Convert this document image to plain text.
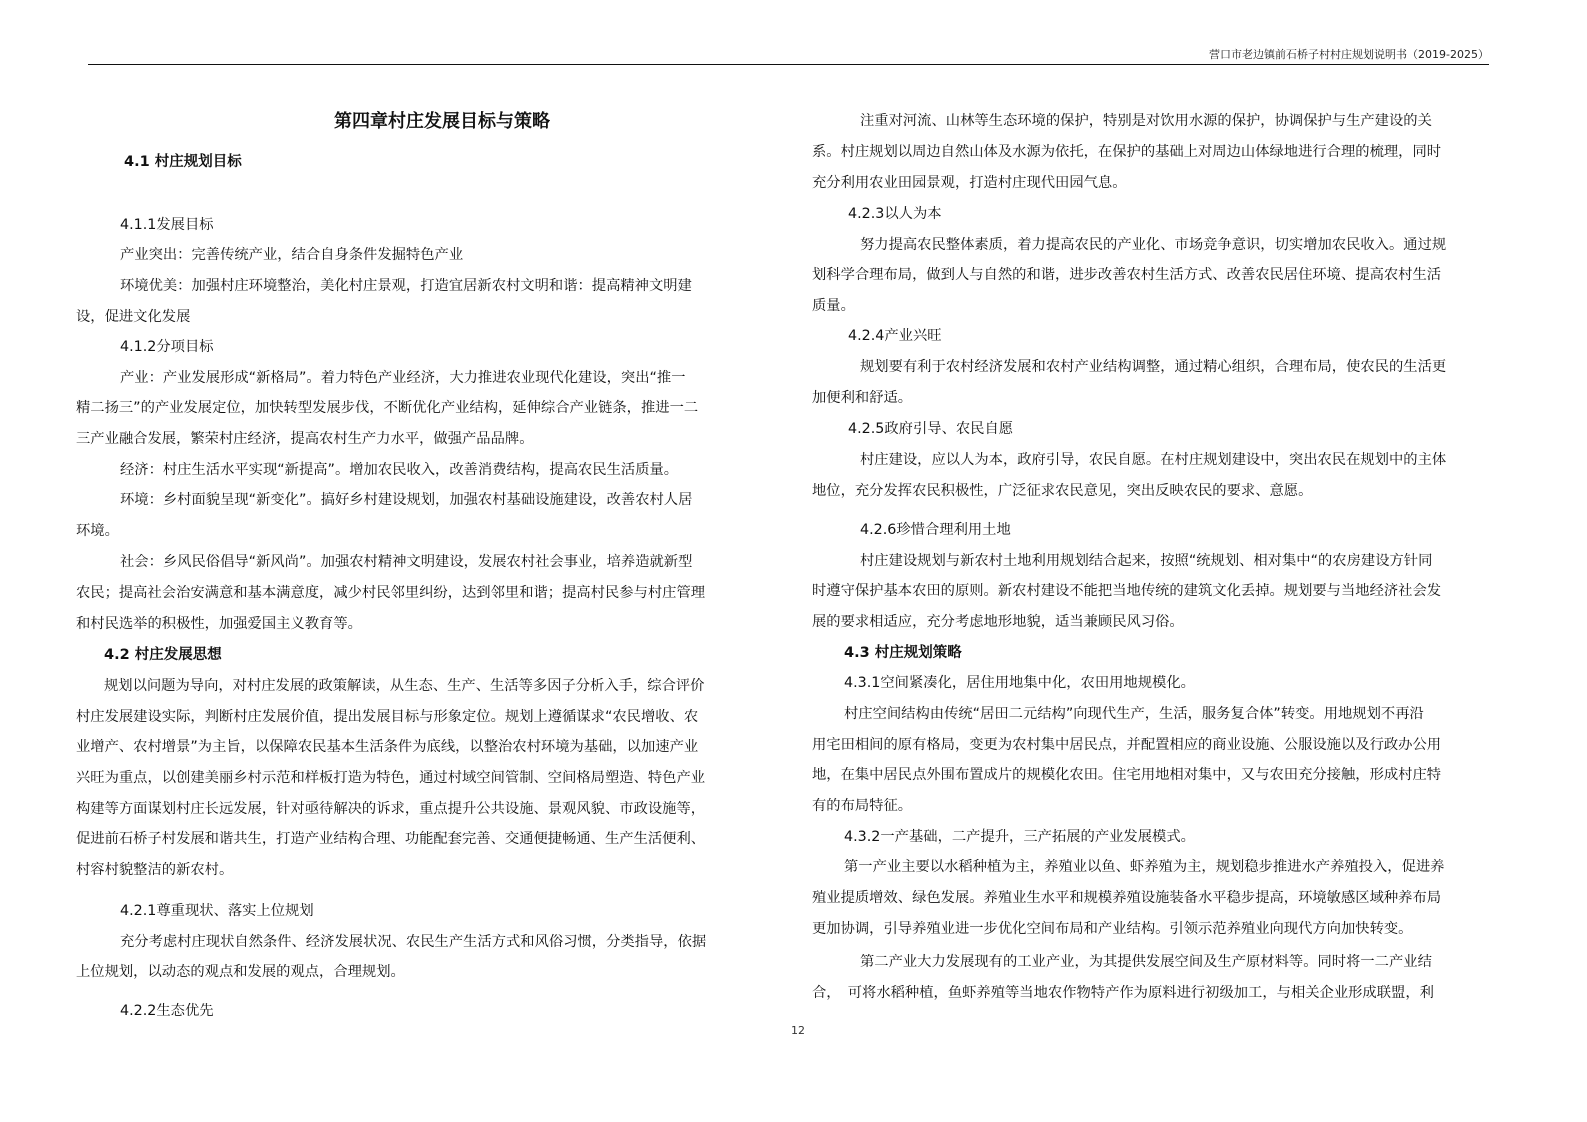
营口市老边镇前石桥子村村庄规划说明书（2019-2025）
第四章村庄发展目标与策略
4.1 村庄规划目标
4.1.1发展目标
产业突出：完善传统产业，结合自身条件发掘特色产业
环境优美：加强村庄环境整治，美化村庄景观，打造宜居新农村文明和谐：提高精神文明建
设，促进文化发展
4.1.2分项目标
产业：产业发展形成“新格局”。着力特色产业经济，大力推进农业现代化建设，突出“推一
精二扬三”的产业发展定位，加快转型发展步伐，不断优化产业结构，延伸综合产业链条，推进一二
三产业融合发展，繁荣村庄经济，提高农村生产力水平，做强产品品牌。
经济：村庄生活水平实现“新提高”。增加农民收入，改善消费结构，提高农民生活质量。
环境：乡村面貌呈现“新变化”。搞好乡村建设规划，加强农村基础设施建设，改善农村人居
环境。
社会：乡风民俗倡导“新风尚”。加强农村精神文明建设，发展农村社会事业，培养造就新型
农民；提高社会治安满意和基本满意度，减少村民邻里纠纷，达到邻里和谐；提高村民参与村庄管理
和村民选举的积极性，加强爱国主义教育等。
4.2 村庄发展思想
规划以问题为导向，对村庄发展的政策解读，从生态、生产、生活等多因子分析入手，综合评价
村庄发展建设实际，判断村庄发展价值，提出发展目标与形象定位。规划上遵循谋求“农民增收、农
业增产、农村增景”为主旨，以保障农民基本生活条件为底线，以整治农村环境为基础，以加速产业
兴旺为重点，以创建美丽乡村示范和样板打造为特色，通过村域空间管制、空间格局塑造、特色产业
构建等方面谋划村庄长远发展，针对亟待解决的诉求，重点提升公共设施、景观风貌、市政设施等，
促进前石桥子村发展和谐共生，打造产业结构合理、功能配套完善、交通便捷畅通、生产生活便利、
村容村貌整洁的新农村。
4.2.1尊重现状、落实上位规划
充分考虑村庄现状自然条件、经济发展状况、农民生产生活方式和风俗习惯，分类指导，依据
上位规划，以动态的观点和发展的观点，合理规划。
4.2.2生态优先
注重对河流、山林等生态环境的保护，特别是对饮用水源的保护，协调保护与生产建设的关
系。村庄规划以周边自然山体及水源为依托，在保护的基础上对周边山体绿地进行合理的梳理，同时
充分利用农业田园景观，打造村庄现代田园气息。
4.2.3以人为本
努力提高农民整体素质，着力提高农民的产业化、市场竞争意识，切实增加农民收入。通过规
划科学合理布局，做到人与自然的和谐，进步改善农村生活方式、改善农民居住环境、提高农村生活
质量。
4.2.4产业兴旺
规划要有利于农村经济发展和农村产业结构调整，通过精心组织，合理布局，使农民的生活更
加便利和舒适。
4.2.5政府引导、农民自愿
村庄建设，应以人为本，政府引导，农民自愿。在村庄规划建设中，突出农民在规划中的主体
地位，充分发挥农民积极性，广泛征求农民意见，突出反映农民的要求、意愿。
4.2.6珍惜合理利用土地
村庄建设规划与新农村土地利用规划结合起来，按照“统规划、相对集中“的农房建设方针同
时遵守保护基本农田的原则。新农村建设不能把当地传统的建筑文化丢掉。规划要与当地经济社会发
展的要求相适应，充分考虑地形地貌，适当兼顾民风习俗。
4.3 村庄规划策略
4.3.1空间紧凑化，居住用地集中化，农田用地规模化。
村庄空间结构由传统“居田二元结构”向现代生产，生活，服务复合体”转变。用地规划不再沿
用宅田相间的原有格局，变更为农村集中居民点，并配置相应的商业设施、公服设施以及行政办公用
地，在集中居民点外围布置成片的规模化农田。住宅用地相对集中，又与农田充分接触，形成村庄特
有的布局特征。
4.3.2一产基础，二产提升，三产拓展的产业发展模式。
第一产业主要以水稻种植为主，养殖业以鱼、虾养殖为主，规划稳步推进水产养殖投入，促进养
殖业提质增效、绿色发展。养殖业生水平和规模养殖设施装备水平稳步提高，环境敏感区域种养布局
更加协调，引导养殖业进一步优化空间布局和产业结构。引领示范养殖业向现代方向加快转变。
第二产业大力发展现有的工业产业，为其提供发展空间及生产原材料等。同时将一二产业结
合，　可将水稻种植，鱼虾养殖等当地农作物特产作为原料进行初级加工，与相关企业形成联盟，利
12
